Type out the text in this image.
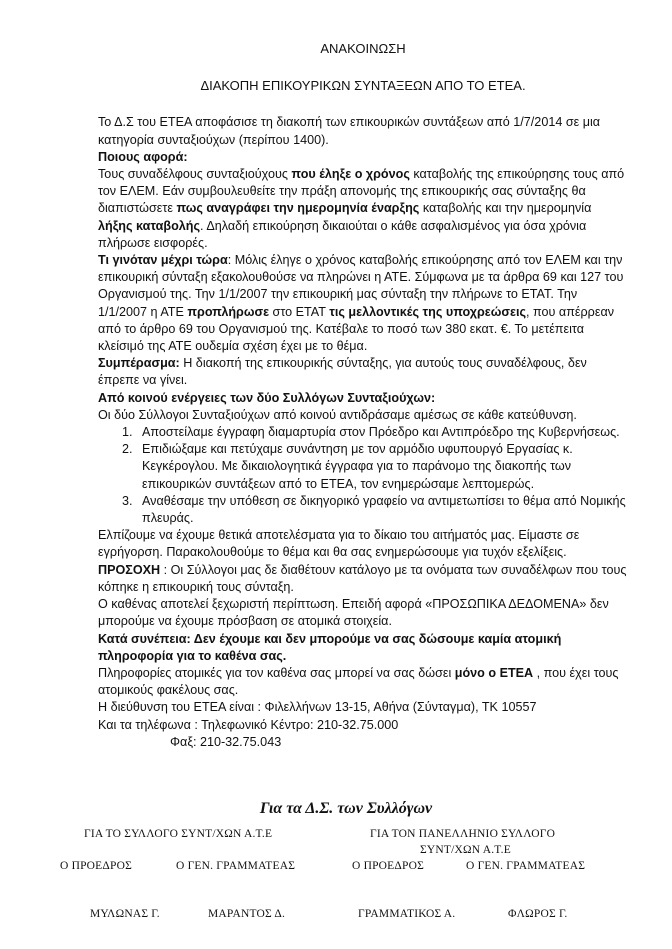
ΑΝΑΚΟΙΝΩΣΗ
ΔΙΑΚΟΠΗ ΕΠΙΚΟΥΡΙΚΩΝ ΣΥΝΤΑΞΕΩΝ ΑΠΟ ΤΟ ΕΤΕΑ.

Το Δ.Σ του ΕΤΕΑ αποφάσισε τη διακοπή των επικουρικών συντάξεων από 1/7/2014 σε μια κατηγορία συνταξιούχων (περίπου 1400).

Ποιους αφορά:

Τους συναδέλφους συνταξιούχους που έληξε ο χρόνος καταβολής της επικούρησης τους από τον ΕΛΕΜ. Εάν συμβουλευθείτε την πράξη απονομής της επικουρικής σας σύνταξης θα διαπιστώσετε πως αναγράφει την ημερομηνία έναρξης καταβολής και την ημερομηνία λήξης καταβολής. Δηλαδή επικούρηση δικαιούται ο κάθε ασφαλισμένος για όσα χρόνια πλήρωσε εισφορές.

Τι γινόταν μέχρι τώρα: Μόλις έληγε ο χρόνος καταβολής επικούρησης από τον ΕΛΕΜ και την επικουρική σύνταξη εξακολουθούσε να πληρώνει η ΑΤΕ. Σύμφωνα με τα άρθρα 69 και 127 του Οργανισμού της. Την 1/1/2007 την επικουρική μας σύνταξη την πλήρωνε το ΕΤΑΤ. Την 1/1/2007 η ΑΤΕ προπλήρωσε στο ΕΤΑΤ τις μελλοντικές της υποχρεώσεις, που απέρρεαν από το άρθρο 69 του Οργανισμού της. Κατέβαλε το ποσό των 380 εκατ. €. Το μετέπειτα κλείσιμό της ΑΤΕ ουδεμία σχέση έχει με το θέμα.

Συμπέρασμα: Η διακοπή της επικουρικής σύνταξης, για αυτούς τους συναδέλφους, δεν έπρεπε να γίνει.

Από κοινού ενέργειες των δύο Συλλόγων Συνταξιούχων:

Οι δύο Σύλλογοι Συνταξιούχων από κοινού αντιδράσαμε αμέσως σε κάθε κατεύθυνση.

1. Αποστείλαμε έγγραφη διαμαρτυρία στον Πρόεδρο και Αντιπρόεδρο της Κυβερνήσεως.
2. Επιδιώξαμε και πετύχαμε συνάντηση με τον αρμόδιο υφυπουργό Εργασίας κ. Κεγκέρογλου. Με δικαιολογητικά έγγραφα για το παράνομο της διακοπής των επικουρικών συντάξεων από το ΕΤΕΑ, τον ενημερώσαμε λεπτομερώς.
3. Αναθέσαμε την υπόθεση σε δικηγορικό γραφείο να αντιμετωπίσει το θέμα από Νομικής πλευράς.

Ελπίζουμε να έχουμε θετικά αποτελέσματα για το δίκαιο του αιτήματός μας. Είμαστε σε εγρήγορση. Παρακολουθούμε το θέμα και θα σας ενημερώσουμε για τυχόν εξελίξεις.

ΠΡΟΣΟΧΗ : Οι Σύλλογοι μας δε διαθέτουν κατάλογο με τα ονόματα των συναδέλφων που τους κόπηκε η επικουρική τους σύνταξη.

Ο καθένας αποτελεί ξεχωριστή περίπτωση. Επειδή αφορά «ΠΡΟΣΩΠΙΚΑ ΔΕΔΟΜΕΝΑ» δεν μπορούμε να έχουμε πρόσβαση σε ατομικά στοιχεία.

Κατά συνέπεια: Δεν έχουμε και δεν μπορούμε να σας δώσουμε καμία ατομική πληροφορία για το καθένα σας.

Πληροφορίες ατομικές για τον καθένα σας μπορεί να σας δώσει μόνο ο ΕΤΕΑ , που έχει τους ατομικούς φακέλους σας.

Η διεύθυνση του ΕΤΕΑ είναι : Φιλελλήνων 13-15, Αθήνα (Σύνταγμα), ΤΚ 10557

Και τα τηλέφωνα : Τηλεφωνικό Κέντρο: 210-32.75.000

Φαξ: 210-32.75.043

Για τα Δ.Σ. των Συλλόγων
ΓΙΑ ΤΟ ΣΥΛΛΟΓΟ ΣΥΝΤ/ΧΩΝ Α.Τ.Ε	ΓΙΑ ΤΟΝ ΠΑΝΕΛΛΗΝΙΟ ΣΥΛΛΟΓΟ
ΣΥΝΤ/ΧΩΝ Α.Τ.Ε
Ο ΠΡΟΕΔΡΟΣ	Ο ΓΕΝ. ΓΡΑΜΜΑΤΕΑΣ	Ο ΠΡΟΕΔΡΟΣ	Ο ΓΕΝ. ΓΡΑΜΜΑΤΕΑΣ
ΜΥΛΩΝΑΣ Γ.	ΜΑΡΑΝΤΟΣ Δ.	ΓΡΑΜΜΑΤΙΚΟΣ Α.	ΦΛΩΡΟΣ Γ.
